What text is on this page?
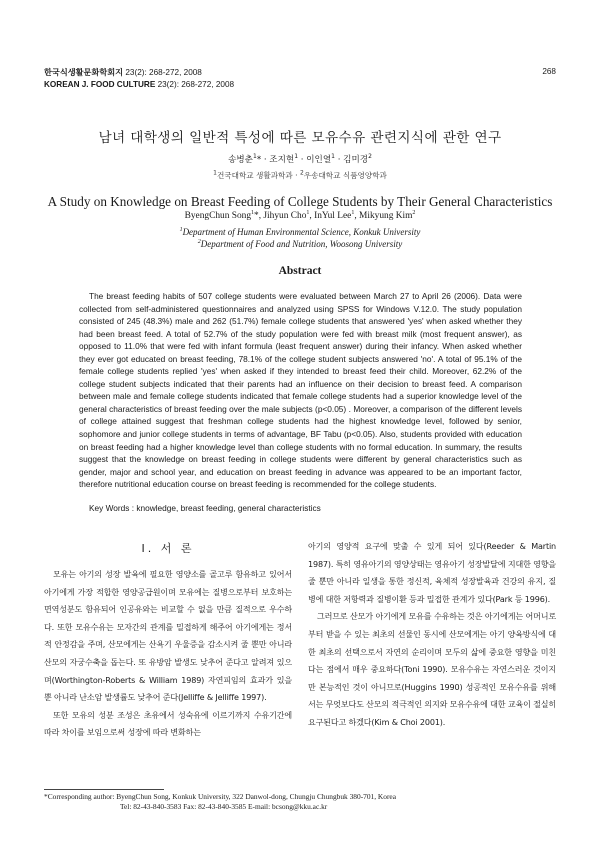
한국식생활문화학회지 23(2): 268-272, 2008
KOREAN J. FOOD CULTURE 23(2): 268-272, 2008
268
남녀 대학생의 일반적 특성에 따른 모유수유 관련지식에 관한 연구
송병춘$^1$* · 조지현$^1$ · 이인열$^1$ · 김미경$^2$
$^1$건국대학교 생활과학과 · $^2$우송대학교 식품영양학과
A Study on Knowledge on Breast Feeding of College Students by Their General Characteristics
ByengChun Song$^1$*, Jihyun Cho$^1$, InYul Lee$^1$, Mikyung Kim$^2$
$^1$Department of Human Environmental Science, Konkuk University
$^2$Department of Food and Nutrition, Woosong University
Abstract

The breast feeding habits of 507 college students were evaluated between March 27 to April 26 (2006). Data were collected from self-administered questionnaires and analyzed using SPSS for Windows V.12.0. The study population consisted of 245 (48.3%) male and 262 (51.7%) female college students that answered 'yes' when asked whether they had been breast feed. A total of 52.7% of the study population were fed with breast milk (most frequent answer), as opposed to 11.0% that were fed with infant formula (least frequent answer) during their infancy. When asked whether they ever got educated on breast feeding, 78.1% of the college student subjects answered 'no'. A total of 95.1% of the female college students replied 'yes' when asked if they intended to breast feed their child. Moreover, 62.2% of the college student subjects indicated that their parents had an influence on their decision to breast feed. A comparison between male and female college students indicated that female college students had a superior knowledge level of the general characteristics of breast feeding over the male subjects (p<0.05) . Moreover, a comparison of the different levels of college attained suggest that freshman college students had the highest knowledge level, followed by senior, sophomore and junior college students in terms of advantage, BF Tabu (p<0.05). Also, students provided with education on breast feeding had a higher knowledge level than college students with no formal education. In summary, the results suggest that the knowledge on breast feeding in college students were different by general characteristics such as gender, major and school year, and education on breast feeding in advance was appeared to be an important factor, therefore nutritional education course on breast feeding is recommended for the college students.

Key Words : knowledge, breast feeding, general characteristics
I. 서 론

모유는 아기의 성장 발육에 필요한 영양소를 골고루 함유하고 있어서 아기에게 가장 적합한 영양공급원이며 모유에는 질병으로부터 보호하는 면역성분도 함유되어 인공유와는 비교할 수 없을 만큼 질적으로 우수하다. 또한 모유수유는 모자간의 관계를 밀접하게 해주어 아기에게는 정서적 안정감을 주며, 산모에게는 산욕기 우울증을 감소시켜 줄 뿐만 아니라 산모의 자궁수축을 돕는다. 또 유방암 발생도 낮추어 준다고 알려져 있으며(Worthington-Roberts & William 1989) 자연피임의 효과가 있을 뿐 아니라 난소암 발생률도 낮추어 준다(Jelliffe & Jelliffe 1997).

또한 모유의 성분 조성은 초유에서 성숙유에 이르기까지 수유기간에 따라 차이를 보임으로써 성장에 따라 변화하는

아기의 영양적 요구에 맞출 수 있게 되어 있다(Reeder & Martin 1987). 특히 영유아기의 영양상태는 영유아기 성장발달에 지대한 영향을 줄 뿐만 아니라 일생을 통한 정신적, 육체적 성장발육과 건강의 유지, 질병에 대한 저항력과 질병이환 등과 밀접한 관계가 있다(Park 등 1996).

그러므로 산모가 아기에게 모유를 수유하는 것은 아기에게는 어머니로부터 받을 수 있는 최초의 선물인 동시에 산모에게는 아기 양육방식에 대한 최초의 선택으로서 자연의 순리이며 모두의 삶에 중요한 영향을 미친다는 점에서 매우 중요하다(Toni 1990). 모유수유는 자연스러운 것이지만 본능적인 것이 아니므로(Huggins 1990) 성공적인 모유수유를 위해서는 무엇보다도 산모의 적극적인 의지와 모유수유에 대한 교육이 절실히 요구된다고 하겠다(Kim & Choi 2001).

*Corresponding author: ByengChun Song, Konkuk University, 322 Danwol-dong, Chungju Chungbuk 380-701, Korea
Tel: 82-43-840-3583 Fax: 82-43-840-3585 E-mail: bcsong@kku.ac.kr
